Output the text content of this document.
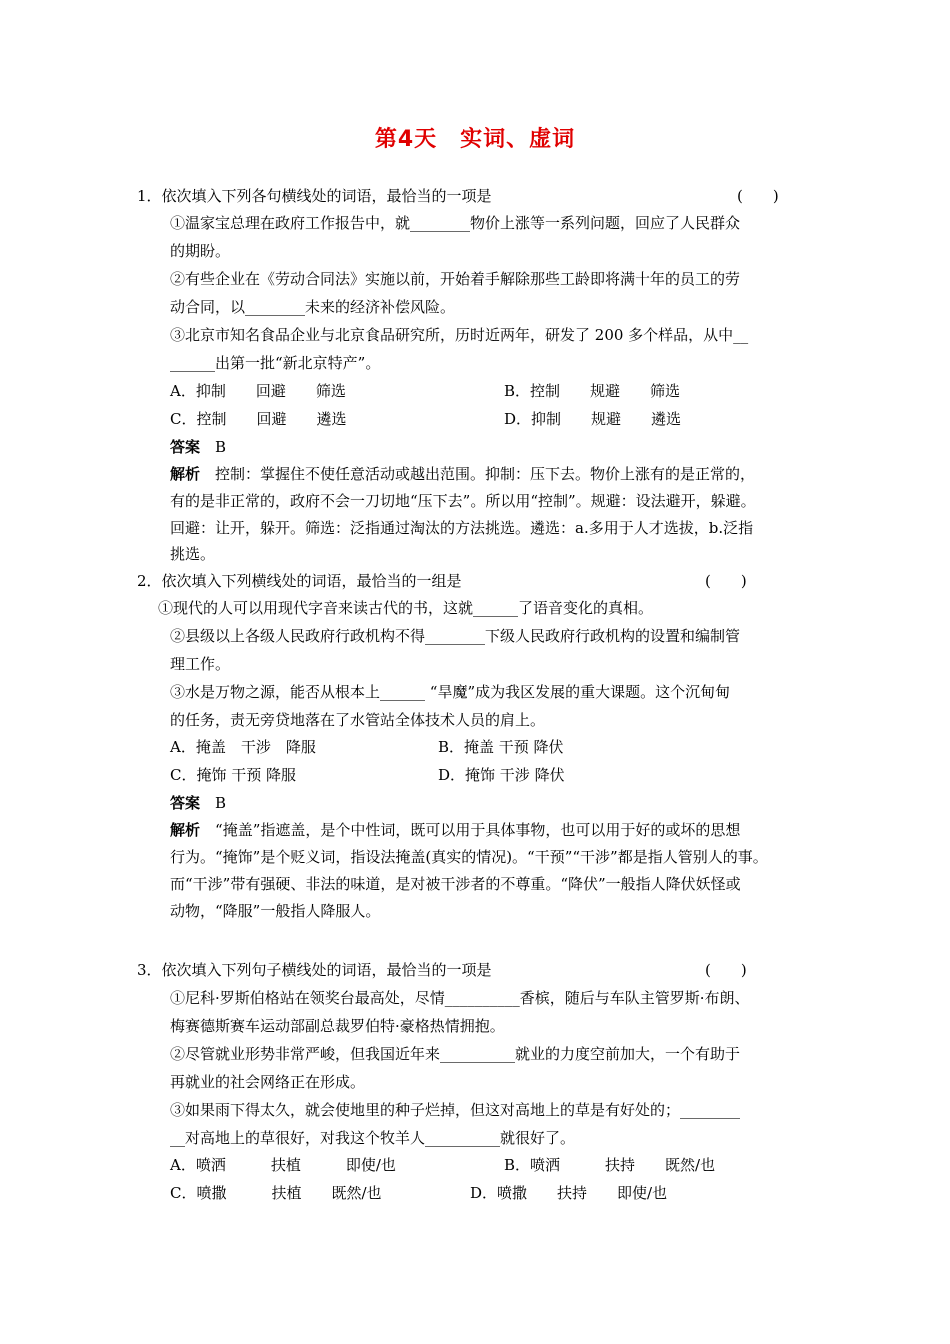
第4天　实词、虚词
1．依次填入下列各句横线处的词语，最恰当的一项是	(　　)
①温家宝总理在政府工作报告中，就________物价上涨等一系列问题，回应了人民群众
的期盼。
②有些企业在《劳动合同法》实施以前，开始着手解除那些工龄即将满十年的员工的劳
动合同，以________未来的经济补偿风险。
③北京市知名食品企业与北京食品研究所，历时近两年，研发了 200 多个样品，从中__
______出第一批“新北京特产”。
A．抑制　　回避　　筛选	B．控制　　规避　　筛选
C．控制　　回避　　遴选	D．抑制　　规避　　遴选
答案　 B
解析　 控制：掌握住不使任意活动或越出范围。抑制：压下去。物价上涨有的是正常的，
有的是非正常的，政府不会一刀切地“压下去”。所以用“控制”。规避：设法避开，躲避。
回避：让开，躲开。筛选：泛指通过淘汰的方法挑选。遴选：a.多用于人才选拔，b.泛指
挑选。
2．依次填入下列横线处的词语，最恰当的一组是	(　　)
①现代的人可以用现代字音来读古代的书，这就______了语音变化的真相。
②县级以上各级人民政府行政机构不得________下级人民政府行政机构的设置和编制管
理工作。
③水是万物之源，能否从根本上______ “旱魔”成为我区发展的重大课题。这个沉甸甸
的任务，责无旁贷地落在了水管站全体技术人员的肩上。
A．掩盖　干涉　降服	B．掩盖 干预 降伏
C．掩饰 干预 降服	D．掩饰 干涉 降伏
答案　 B
解析　 “掩盖”指遮盖，是个中性词，既可以用于具体事物，也可以用于好的或坏的思想
行为。“掩饰”是个贬义词，指设法掩盖(真实的情况)。“干预”“干涉”都是指人管别人的事。
而“干涉”带有强硬、非法的味道，是对被干涉者的不尊重。“降伏”一般指人降伏妖怪或
动物，“降服”一般指人降服人。
3．依次填入下列句子横线处的词语，最恰当的一项是	(　　)
①尼科·罗斯伯格站在领奖台最高处，尽情__________香槟，随后与车队主管罗斯·布朗、
梅赛德斯赛车运动部副总裁罗伯特·豪格热情拥抱。
②尽管就业形势非常严峻，但我国近年来__________就业的力度空前加大，一个有助于
再就业的社会网络正在形成。
③如果雨下得太久，就会使地里的种子烂掉，但这对高地上的草是有好处的；________
__对高地上的草很好，对我这个牧羊人__________就很好了。
A．喷洒　　　扶植　　　即使/也	B．喷洒　　　扶持　　既然/也
C．喷撒　　　扶植　　既然/也	D．喷撒　　扶持　　即使/也
